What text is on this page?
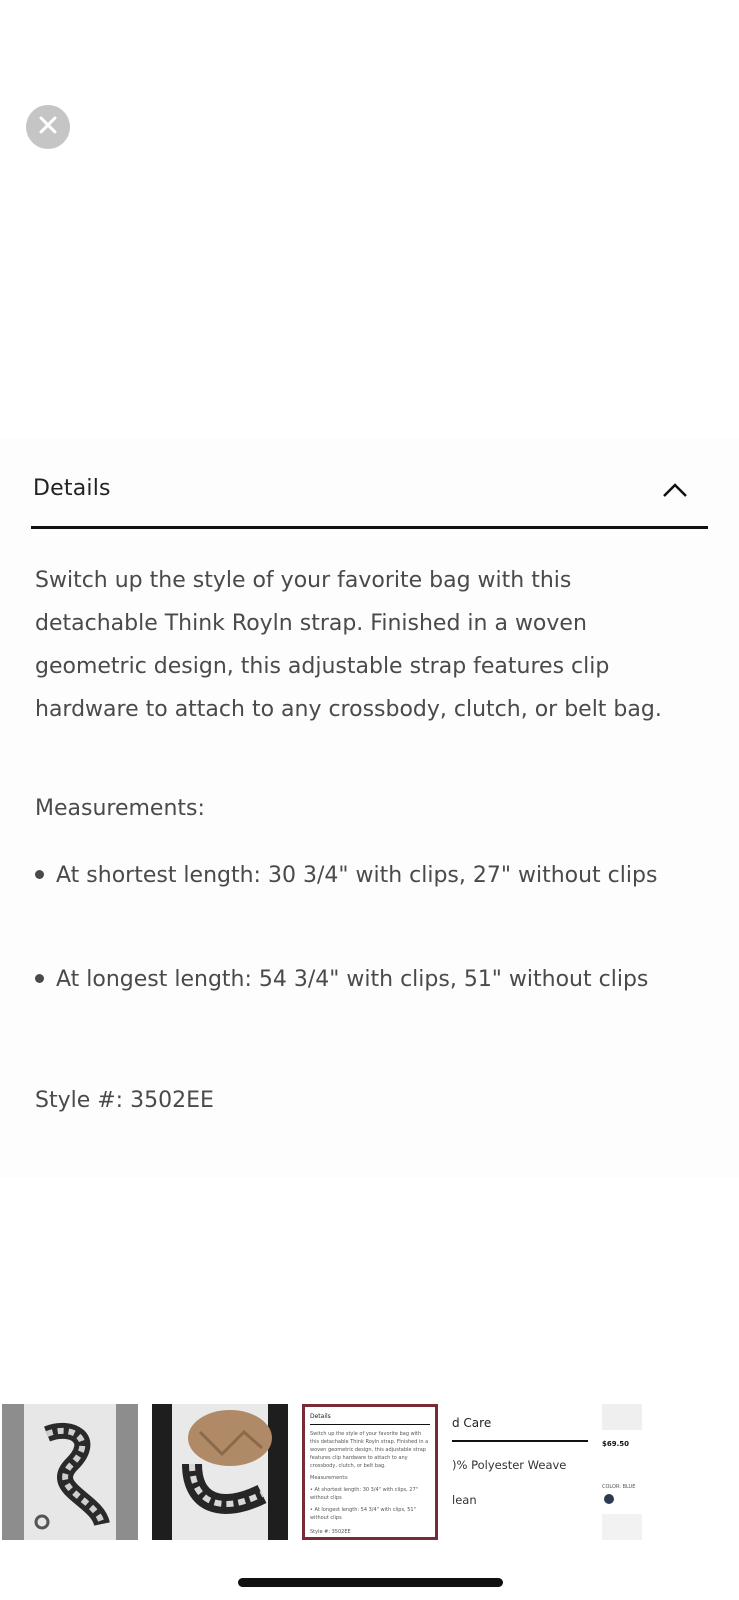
Details
Switch up the style of your favorite bag with this detachable Think Royln strap. Finished in a woven geometric design, this adjustable strap features clip hardware to attach to any crossbody, clutch, or belt bag.
Measurements:
At shortest length: 30 3/4" with clips, 27" without clips
At longest length: 54 3/4" with clips, 51" without clips
Style #: 3502EE
Details
Switch up the style of your favorite bag with this detachable Think Royln strap. Finished in a woven geometric design, this adjustable strap features clip hardware to attach to any crossbody, clutch, or belt bag.
Measurements:
• At shortest length: 30 3/4" with clips, 27" without clips
• At longest length: 54 3/4" with clips, 51" without clips
Style #: 3502EE
d Care
)% Polyester Weave
lean
$69.50
COLOR: BLUE
